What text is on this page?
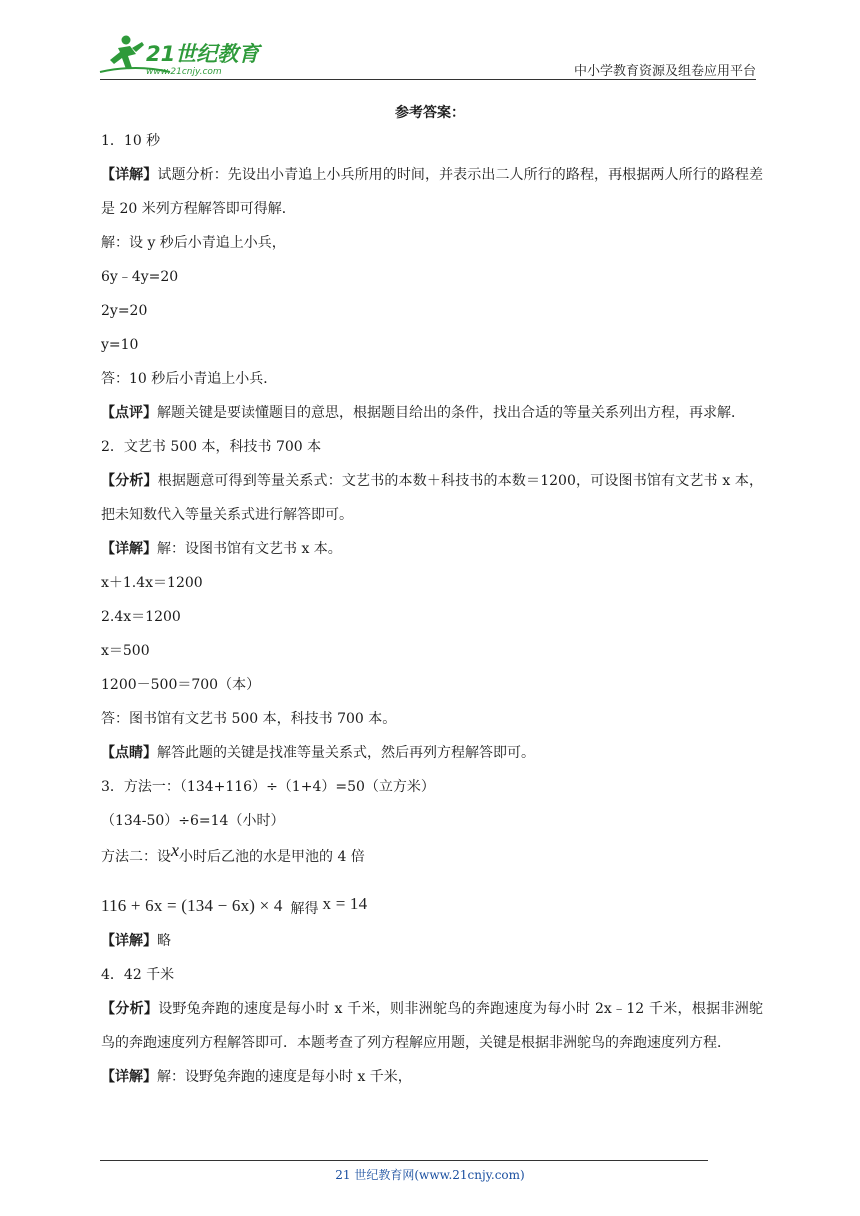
21世纪教育
www.21cnjy.com	中小学教育资源及组卷应用平台
参考答案：
1．10 秒
【详解】试题分析：先设出小青追上小兵所用的时间，并表示出二人所行的路程，再根据两人所行的路程差是 20 米列方程解答即可得解．
解：设 y 秒后小青追上小兵，
6y﹣4y=20
2y=20
y=10
答：10 秒后小青追上小兵．
【点评】解题关键是要读懂题目的意思，根据题目给出的条件，找出合适的等量关系列出方程，再求解．
2．文艺书 500 本，科技书 700 本
【分析】根据题意可得到等量关系式：文艺书的本数＋科技书的本数＝1200，可设图书馆有文艺书 x 本，把未知数代入等量关系式进行解答即可。
【详解】解：设图书馆有文艺书 x 本。
x＋1.4x＝1200
2.4x＝1200
x＝500
1200－500＝700（本）
答：图书馆有文艺书 500 本，科技书 700 本。
【点睛】解答此题的关键是找准等量关系式，然后再列方程解答即可。
3．方法一：（134+116）÷（1+4）=50（立方米）
（134-50）÷6=14（小时）
方法二：设x小时后乙池的水是甲池的 4 倍
116 + 6x = (134 − 6x) × 4 解得 x = 14
【详解】略
4．42 千米
【分析】设野兔奔跑的速度是每小时 x 千米，则非洲鸵鸟的奔跑速度为每小时 2x﹣12 千米，根据非洲鸵鸟的奔跑速度列方程解答即可．本题考查了列方程解应用题，关键是根据非洲鸵鸟的奔跑速度列方程．
【详解】解：设野兔奔跑的速度是每小时 x 千米，
21 世纪教育网(www.21cnjy.com)
